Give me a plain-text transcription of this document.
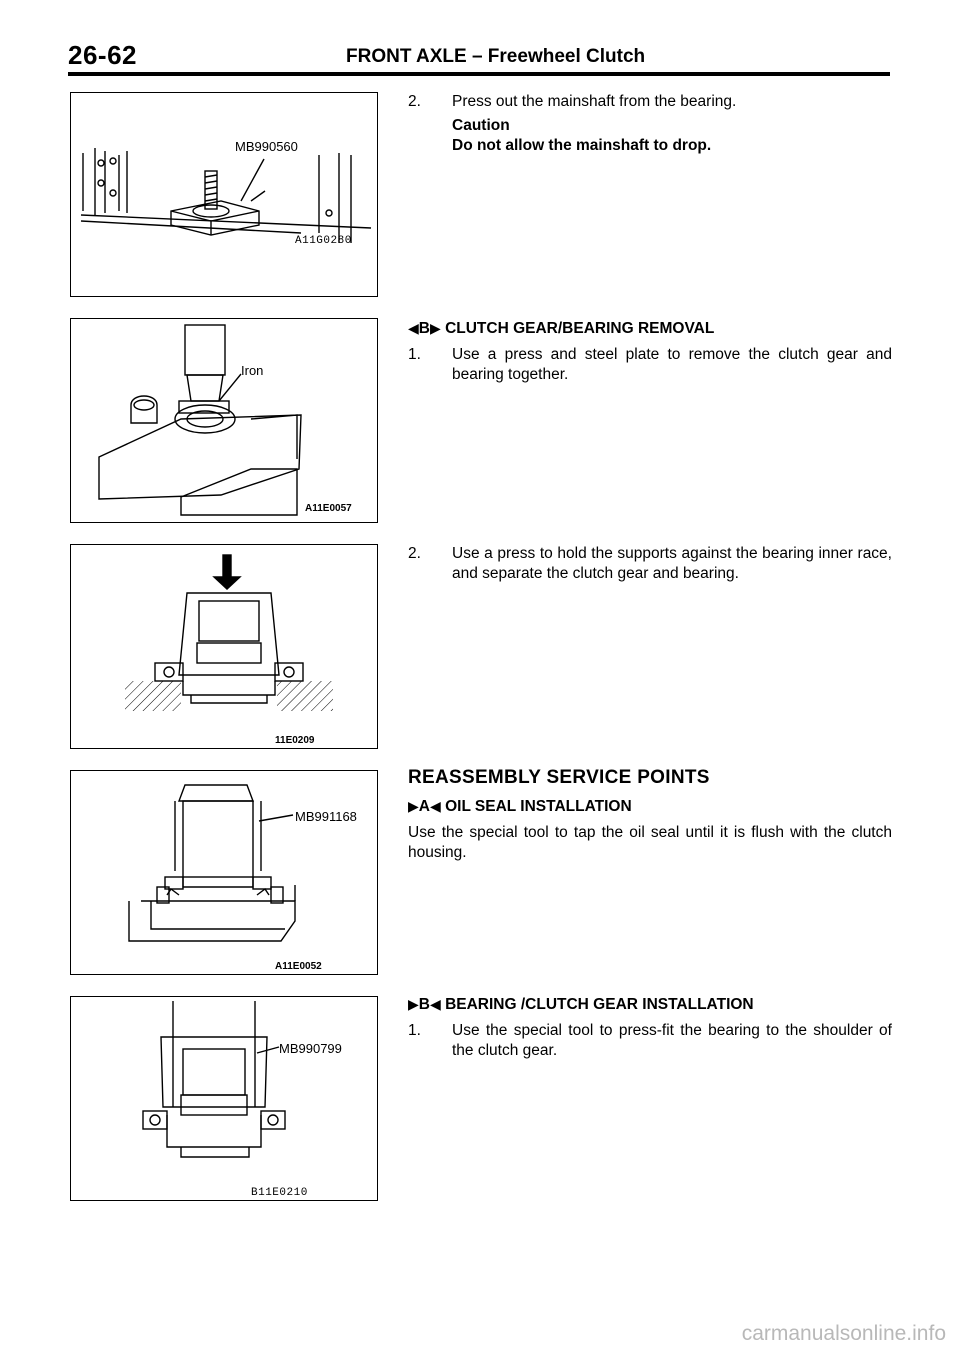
26-62	FRONT AXLE – Freewheel Clutch
MB990560
A11G0280
Iron
A11E0057
11E0209
MB991168
A11E0052
MB990799
B11E0210
2. Press out the mainshaft from the bearing.
Caution
Do not allow the mainshaft to drop.
◀B▶ CLUTCH GEAR/BEARING REMOVAL
1. Use a press and steel plate to remove the clutch gear and bearing together.
2. Use a press to hold the supports against the bearing inner race, and separate the clutch gear and bearing.
REASSEMBLY SERVICE POINTS
▶A◀ OIL SEAL INSTALLATION
Use the special tool to tap the oil seal until it is flush with the clutch housing.
▶B◀ BEARING /CLUTCH GEAR INSTALLATION
1. Use the special tool to press-fit the bearing to the shoulder of the clutch gear.
carmanualsonline.info
